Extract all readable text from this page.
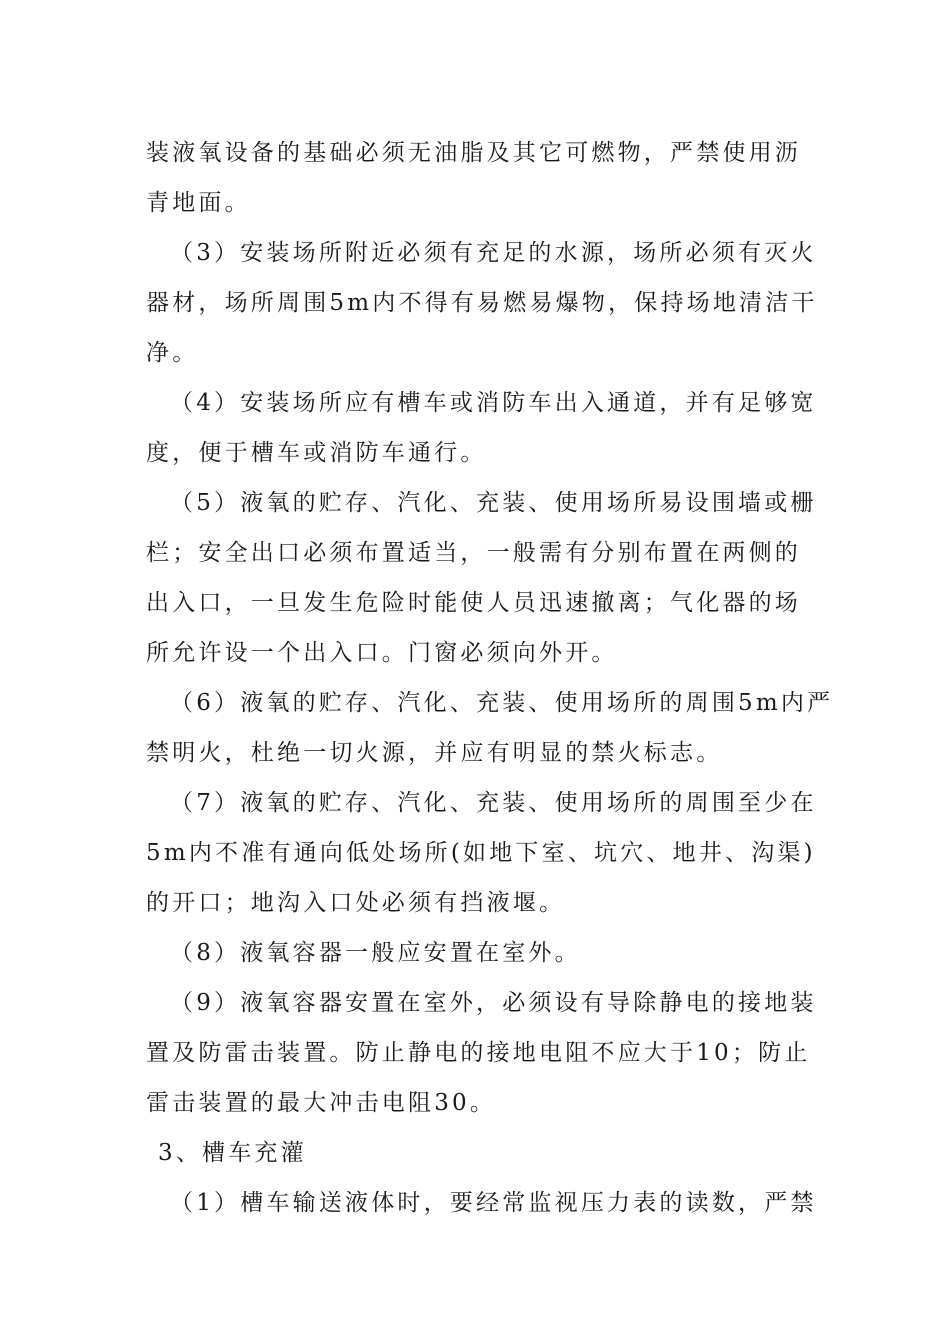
装液氧设备的基础必须无油脂及其它可燃物，严禁使用沥
青地面。
（3）安装场所附近必须有充足的水源，场所必须有灭火
器材，场所周围5m内不得有易燃易爆物，保持场地清洁干
净。
（4）安装场所应有槽车或消防车出入通道，并有足够宽
度，便于槽车或消防车通行。
（5）液氧的贮存、汽化、充装、使用场所易设围墙或栅
栏；安全出口必须布置适当，一般需有分别布置在两侧的
出入口，一旦发生危险时能使人员迅速撤离；气化器的场
所允许设一个出入口。门窗必须向外开。
（6）液氧的贮存、汽化、充装、使用场所的周围5m内严
禁明火，杜绝一切火源，并应有明显的禁火标志。
（7）液氧的贮存、汽化、充装、使用场所的周围至少在
5m内不准有通向低处场所(如地下室、坑穴、地井、沟渠)
的开口；地沟入口处必须有挡液堰。
（8）液氧容器一般应安置在室外。
（9）液氧容器安置在室外，必须设有导除静电的接地装
置及防雷击装置。防止静电的接地电阻不应大于10；防止
雷击装置的最大冲击电阻30。
3、槽车充灌
（1）槽车输送液体时，要经常监视压力表的读数，严禁
